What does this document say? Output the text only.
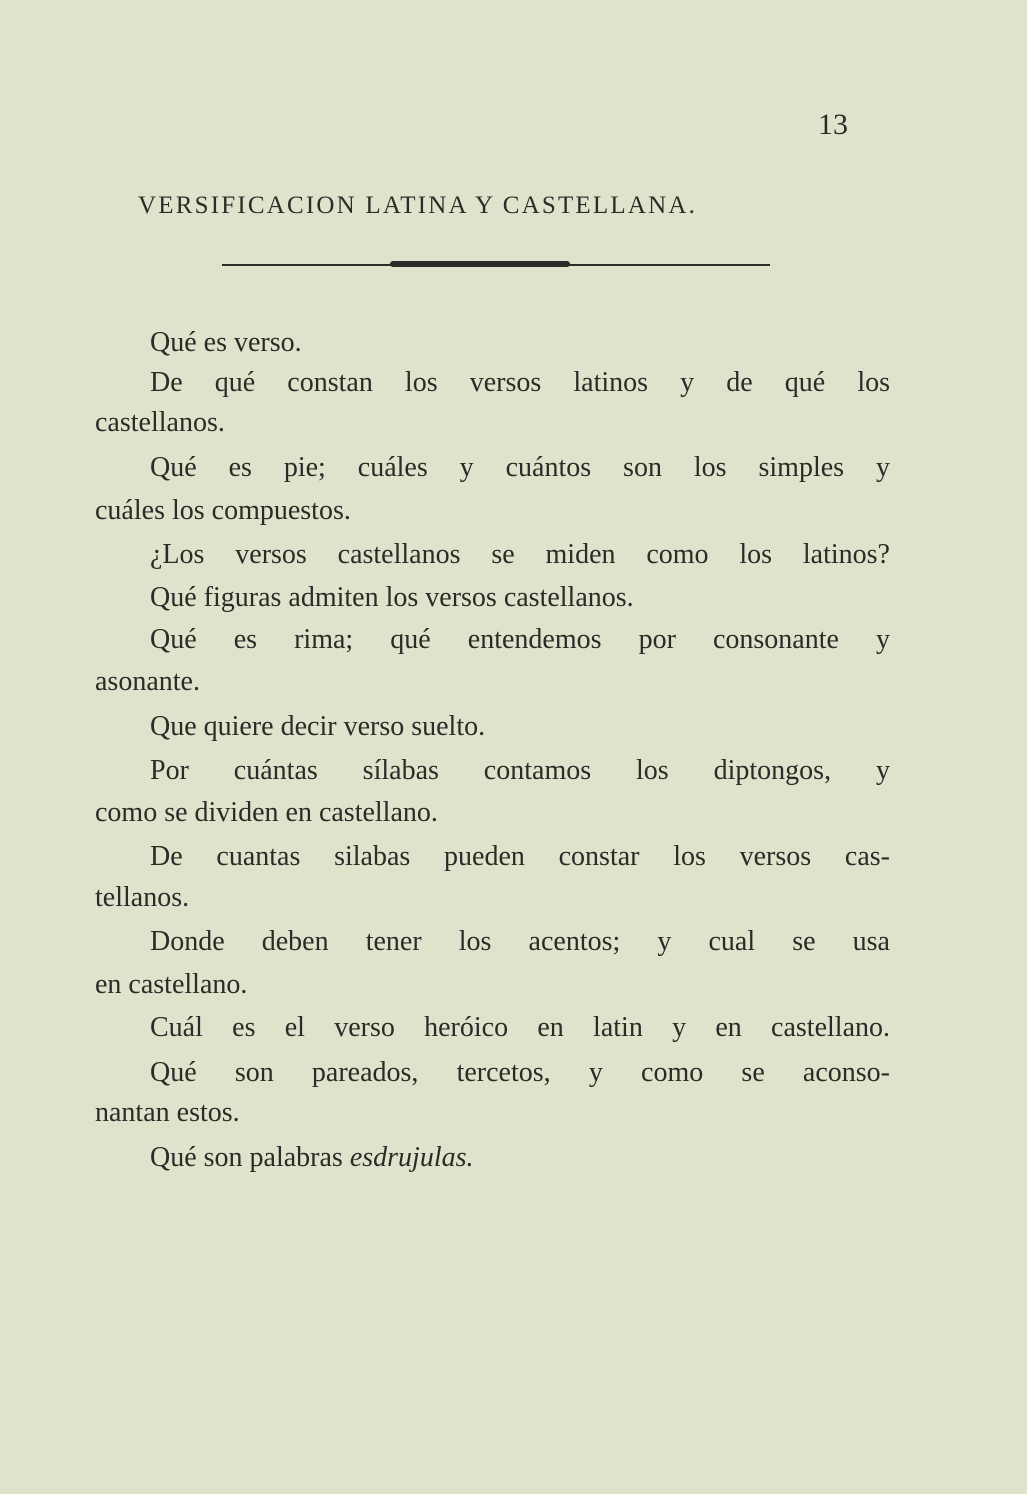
13
VERSIFICACION LATINA Y CASTELLANA.
Qué es verso.
De qué constan los versos latinos y de qué los
castellanos.
Qué es pie; cuáles y cuántos son los simples y
cuáles los compuestos.
¿Los versos castellanos se miden como los latinos?
Qué figuras admiten los versos castellanos.
Qué es rima; qué entendemos por consonante y
asonante.
Que quiere decir verso suelto.
Por cuántas sílabas contamos los diptongos, y
como se dividen en castellano.
De cuantas silabas pueden constar los versos cas-
tellanos.
Donde deben tener los acentos; y cual se usa
en castellano.
Cuál es el verso heróico en latin y en castellano.
Qué son pareados, tercetos, y como se aconso-
nantan estos.
Qué son palabras esdrujulas.
